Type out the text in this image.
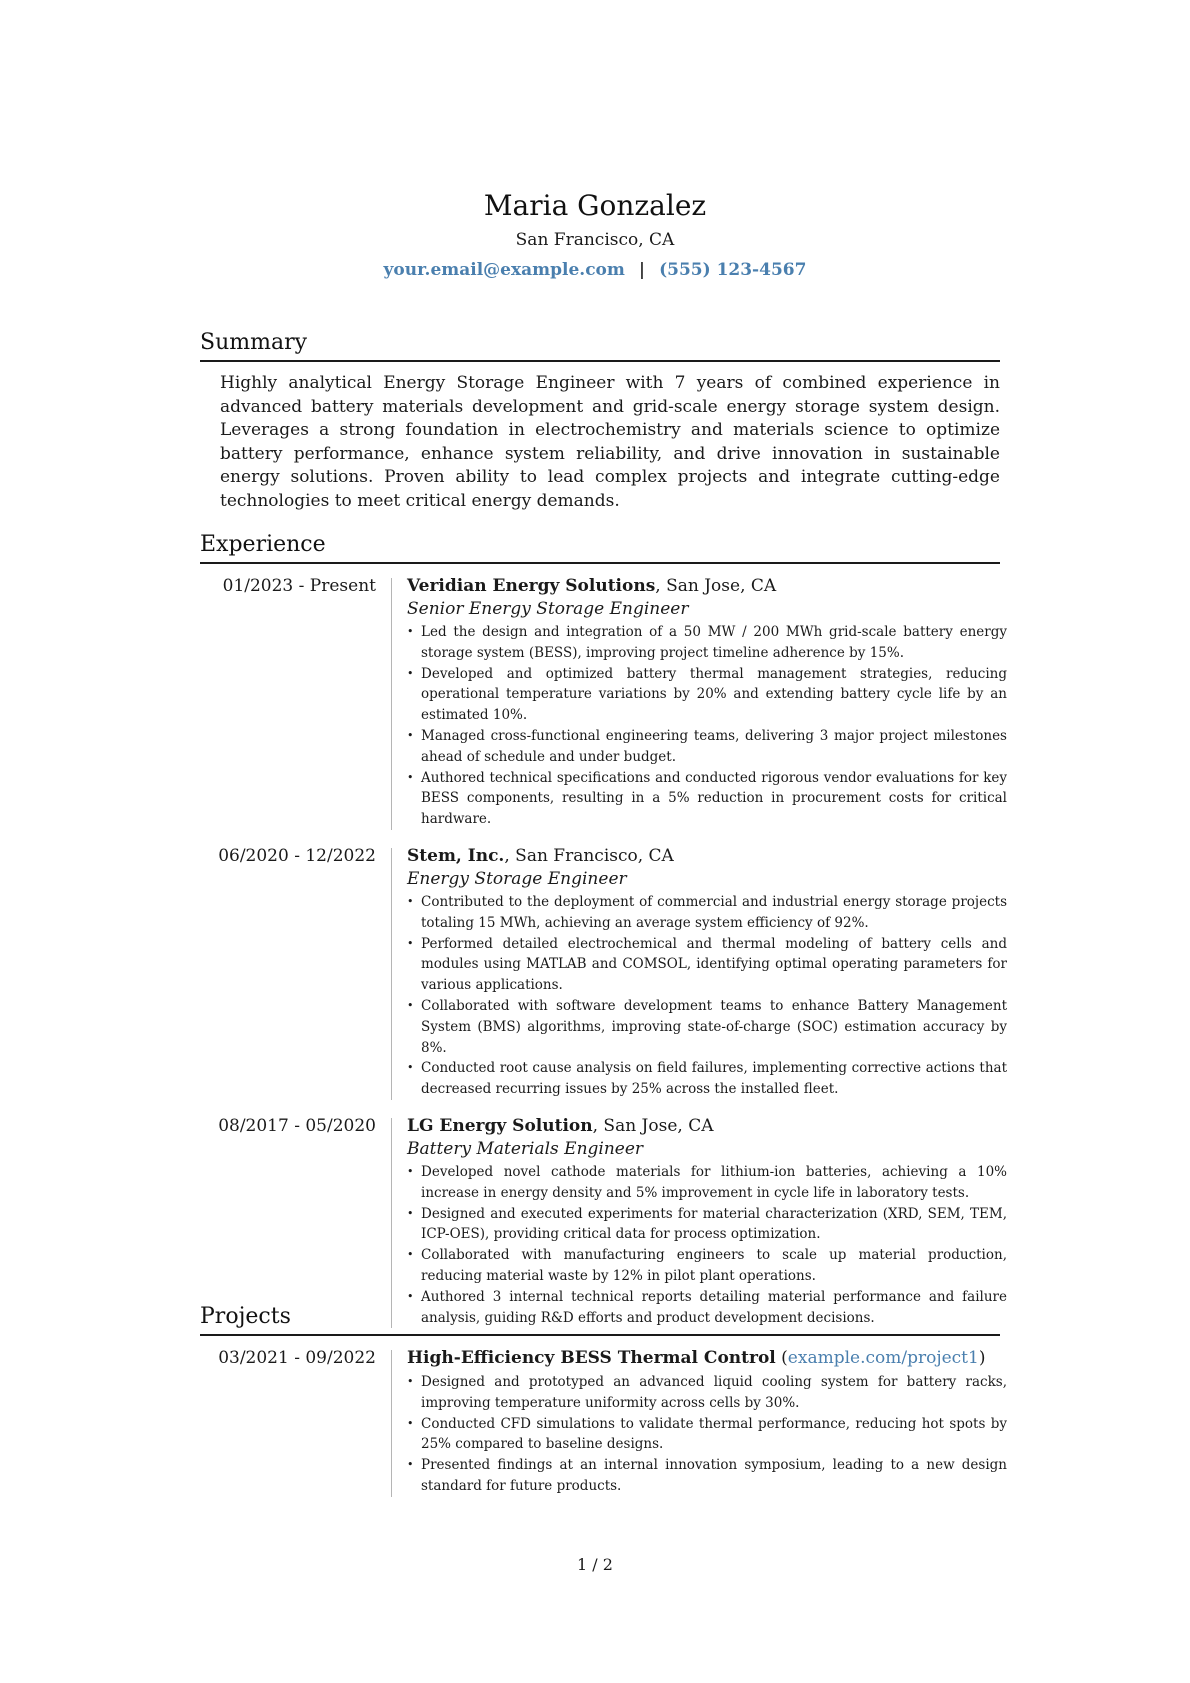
Maria Gonzalez
San Francisco, CA
your.email@example.com | (555) 123-4567
Summary
Highly analytical Energy Storage Engineer with 7 years of combined experience in advanced battery materials development and grid-scale energy storage system design. Leverages a strong foundation in electrochemistry and materials science to optimize battery performance, enhance system reliability, and drive innovation in sustainable energy solutions. Proven ability to lead complex projects and integrate cutting-edge technologies to meet critical energy demands.
Experience
01/2023 - Present Veridian Energy Solutions, San Jose, CA
Senior Energy Storage Engineer
• Led the design and integration of a 50 MW / 200 MWh grid-scale battery energy storage system (BESS), improving project timeline adherence by 15%.
• Developed and optimized battery thermal management strategies, reducing operational temperature variations by 20% and extending battery cycle life by an estimated 10%.
• Managed cross-functional engineering teams, delivering 3 major project milestones ahead of schedule and under budget.
• Authored technical specifications and conducted rigorous vendor evaluations for key BESS components, resulting in a 5% reduction in procurement costs for critical hardware.
06/2020 - 12/2022 Stem, Inc., San Francisco, CA
Energy Storage Engineer
• Contributed to the deployment of commercial and industrial energy storage projects totaling 15 MWh, achieving an average system efficiency of 92%.
• Performed detailed electrochemical and thermal modeling of battery cells and modules using MATLAB and COMSOL, identifying optimal operating parameters for various applications.
• Collaborated with software development teams to enhance Battery Management System (BMS) algorithms, improving state-of-charge (SOC) estimation accuracy by 8%.
• Conducted root cause analysis on field failures, implementing corrective actions that decreased recurring issues by 25% across the installed fleet.
08/2017 - 05/2020 LG Energy Solution, San Jose, CA
Battery Materials Engineer
• Developed novel cathode materials for lithium-ion batteries, achieving a 10% increase in energy density and 5% improvement in cycle life in laboratory tests.
• Designed and executed experiments for material characterization (XRD, SEM, TEM, ICP-OES), providing critical data for process optimization.
• Collaborated with manufacturing engineers to scale up material production, reducing material waste by 12% in pilot plant operations.
• Authored 3 internal technical reports detailing material performance and failure analysis, guiding R&D efforts and product development decisions.
Projects
03/2021 - 09/2022 High-Efficiency BESS Thermal Control (example.com/project1)
• Designed and prototyped an advanced liquid cooling system for battery racks, improving temperature uniformity across cells by 30%.
• Conducted CFD simulations to validate thermal performance, reducing hot spots by 25% compared to baseline designs.
• Presented findings at an internal innovation symposium, leading to a new design standard for future products.
1 / 2
